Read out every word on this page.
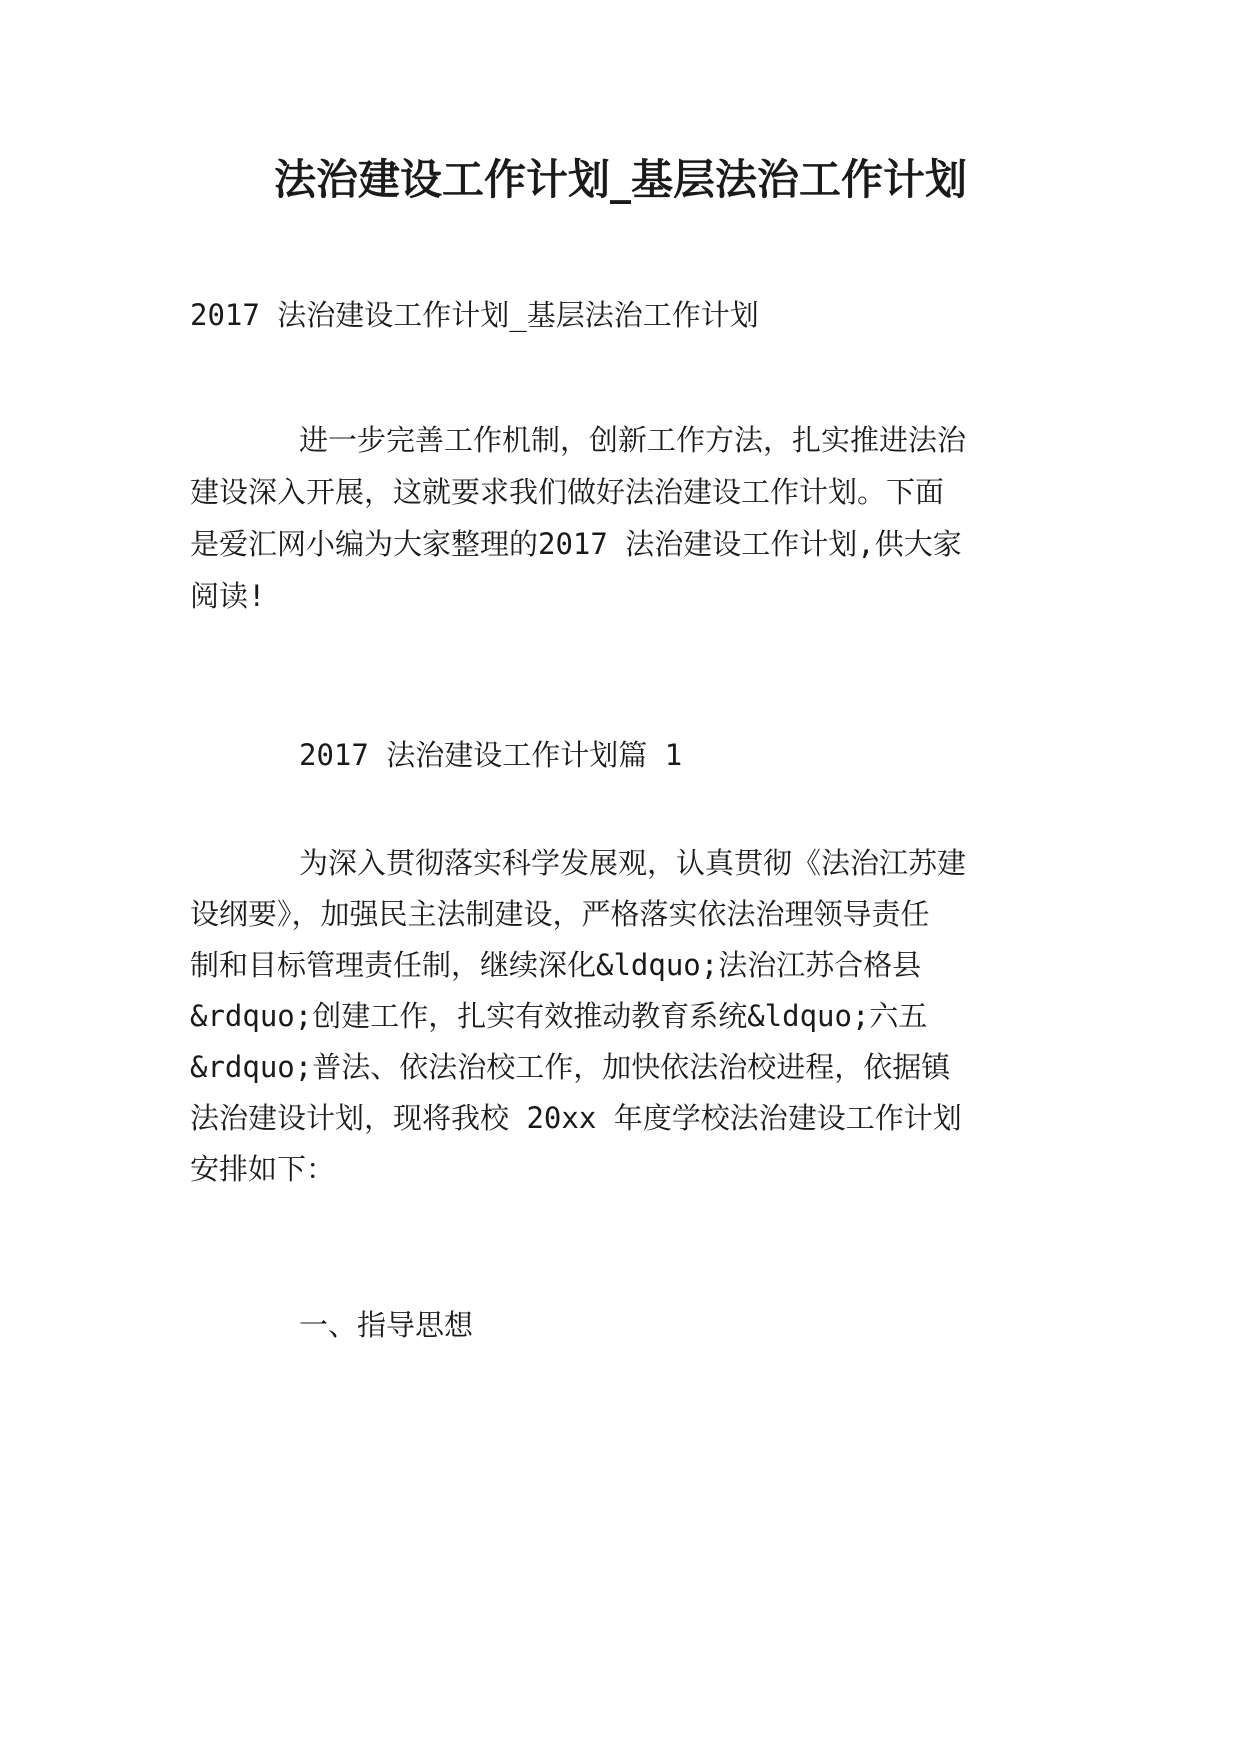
法治建设工作计划_基层法治工作计划

2017 法治建设工作计划_基层法治工作计划

进一步完善工作机制，创新工作方法，扎实推进法治

建设深入开展，这就要求我们做好法治建设工作计划。下面

是爱汇网小编为大家整理的2017 法治建设工作计划,供大家

阅读!

2017 法治建设工作计划篇 1

为深入贯彻落实科学发展观，认真贯彻《法治江苏建

设纲要》，加强民主法制建设，严格落实依法治理领导责任

制和目标管理责任制，继续深化&ldquo;法治江苏合格县

&rdquo;创建工作，扎实有效推动教育系统&ldquo;六五

&rdquo;普法、依法治校工作，加快依法治校进程，依据镇

法治建设计划，现将我校 20xx 年度学校法治建设工作计划

安排如下：

一、指导思想
